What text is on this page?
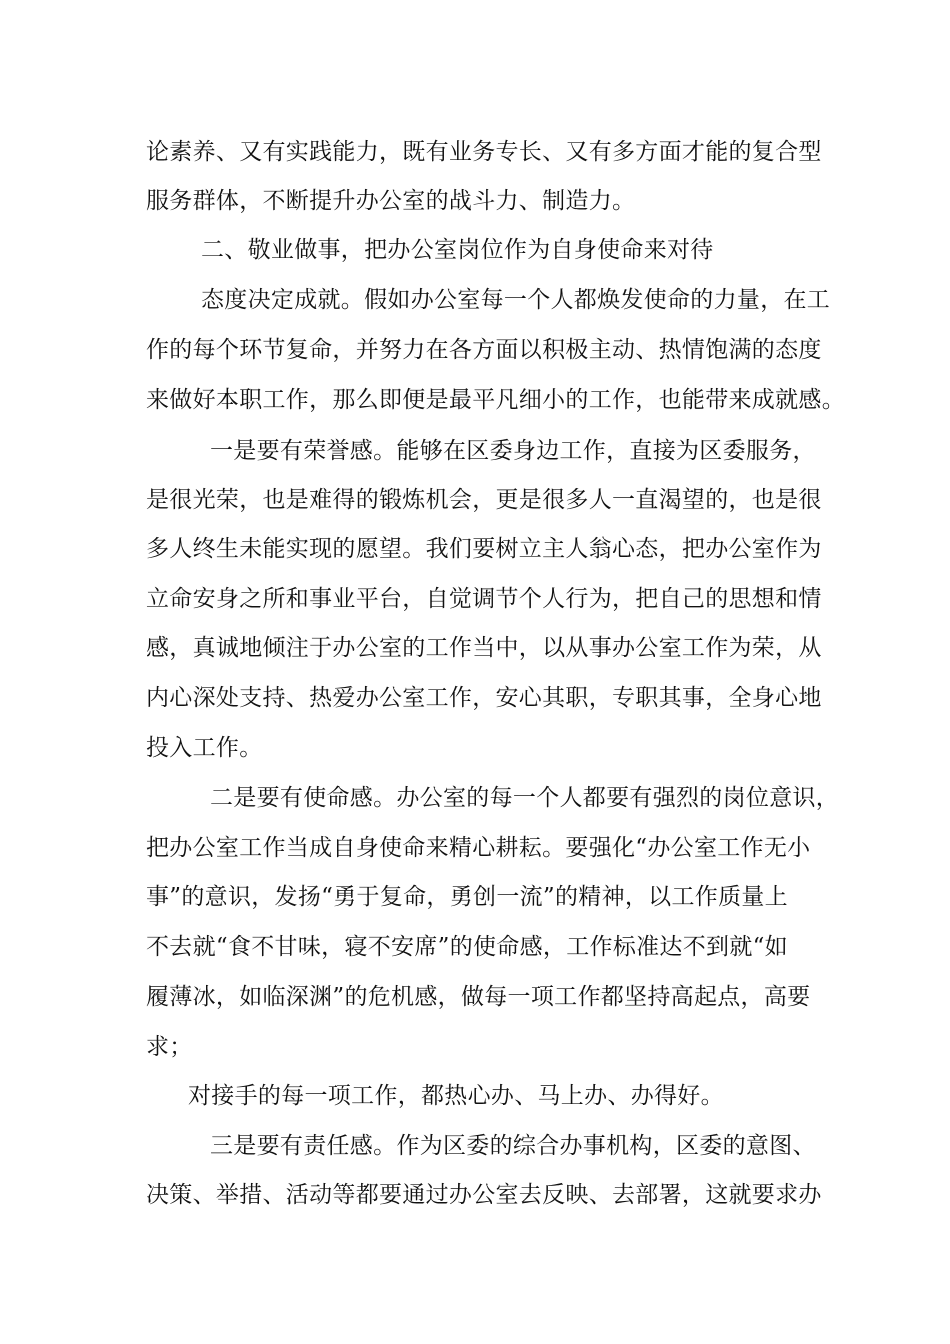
论素养、又有实践能力，既有业务专长、又有多方面才能的复合型
服务群体，不断提升办公室的战斗力、制造力。
二、敬业做事，把办公室岗位作为自身使命来对待
态度决定成就。假如办公室每一个人都焕发使命的力量，在工
作的每个环节复命，并努力在各方面以积极主动、热情饱满的态度
来做好本职工作，那么即便是最平凡细小的工作，也能带来成就感。
一是要有荣誉感。能够在区委身边工作，直接为区委服务，
是很光荣，也是难得的锻炼机会，更是很多人一直渴望的，也是很
多人终生未能实现的愿望。我们要树立主人翁心态，把办公室作为
立命安身之所和事业平台，自觉调节个人行为，把自己的思想和情
感，真诚地倾注于办公室的工作当中，以从事办公室工作为荣，从
内心深处支持、热爱办公室工作，安心其职，专职其事，全身心地
投入工作。
二是要有使命感。办公室的每一个人都要有强烈的岗位意识，
把办公室工作当成自身使命来精心耕耘。要强化“办公室工作无小
事”的意识，发扬“勇于复命，勇创一流”的精神，以工作质量上
不去就“食不甘味，寝不安席”的使命感，工作标准达不到就“如
履薄冰，如临深渊”的危机感，做每一项工作都坚持高起点，高要
求；
对接手的每一项工作，都热心办、马上办、办得好。
三是要有责任感。作为区委的综合办事机构，区委的意图、
决策、举措、活动等都要通过办公室去反映、去部署，这就要求办
